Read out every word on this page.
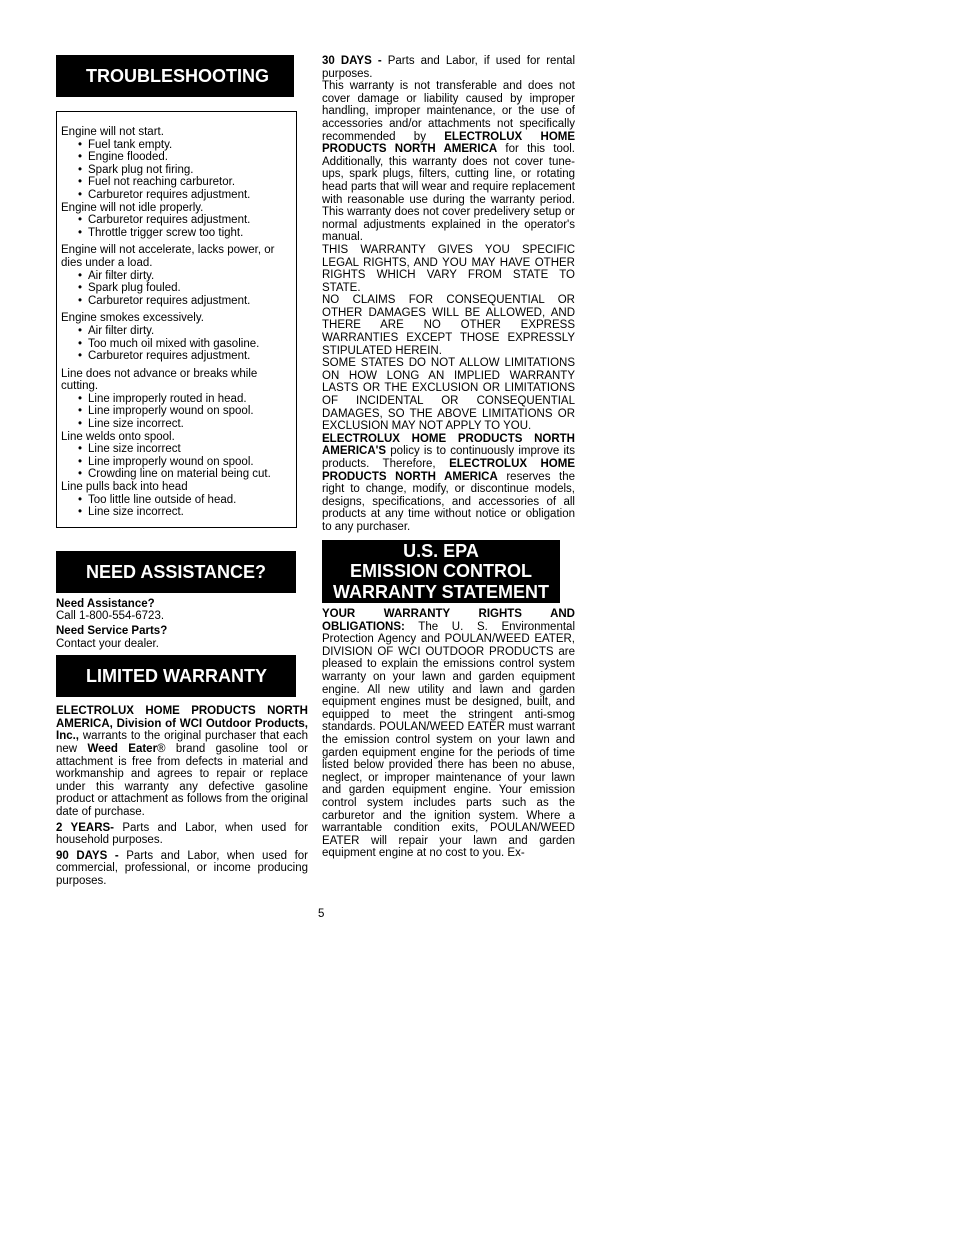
TROUBLESHOOTING

Engine will not start.

• Fuel tank empty.
• Engine flooded.
• Spark plug not firing.
• Fuel not reaching carburetor.
• Carburetor requires adjustment.

Engine will not idle properly.

• Carburetor requires adjustment.
• Throttle trigger screw too tight.

Engine will not accelerate, lacks power, or dies under a load.

• Air filter dirty.
• Spark plug fouled.
• Carburetor requires adjustment.

Engine smokes excessively.

• Air filter dirty.
• Too much oil mixed with gasoline.
• Carburetor requires adjustment.

Line does not advance or breaks while cutting.

• Line improperly routed in head.
• Line improperly wound on spool.
• Line size incorrect.

Line welds onto spool.

• Line size incorrect
• Line improperly wound on spool.
• Crowding line on material being cut.

Line pulls back into head

• Too little line outside of head.
• Line size incorrect.
NEED ASSISTANCE?

Need Assistance?

Call 1-800-554-6723.

Need Service Parts?

Contact your dealer.

LIMITED WARRANTY

ELECTROLUX HOME PRODUCTS NORTH AMERICA, Division of WCI Outdoor Products, Inc., warrants to the original purchaser that each new Weed Eater® brand gasoline tool or attachment is free from defects in material and workmanship and agrees to repair or replace under this warranty any defective gasoline product or attachment as follows from the original date of purchase.

2 YEARS- Parts and Labor, when used for household purposes.

90 DAYS - Parts and Labor, when used for commercial, professional, or income producing purposes.

30 DAYS - Parts and Labor, if used for rental purposes.

This warranty is not transferable and does not cover damage or liability caused by improper handling, improper maintenance, or the use of accessories and/or attachments not specifically recommended by ELECTROLUX HOME PRODUCTS NORTH AMERICA for this tool. Additionally, this warranty does not cover tune-ups, spark plugs, filters, cutting line, or rotating head parts that will wear and require replacement with reasonable use during the warranty period. This warranty does not cover predelivery setup or normal adjustments explained in the operator's manual.

THIS WARRANTY GIVES YOU SPECIFIC LEGAL RIGHTS, AND YOU MAY HAVE OTHER RIGHTS WHICH VARY FROM STATE TO STATE.

NO CLAIMS FOR CONSEQUENTIAL OR OTHER DAMAGES WILL BE ALLOWED, AND THERE ARE NO OTHER EXPRESS WARRANTIES EXCEPT THOSE EXPRESSLY STIPULATED HEREIN.

SOME STATES DO NOT ALLOW LIMITATIONS ON HOW LONG AN IMPLIED WARRANTY LASTS OR THE EXCLUSION OR LIMITATIONS OF INCIDENTAL OR CONSEQUENTIAL DAMAGES, SO THE ABOVE LIMITATIONS OR EXCLUSION MAY NOT APPLY TO YOU.

ELECTROLUX HOME PRODUCTS NORTH AMERICA'S policy is to continuously improve its products. Therefore, ELECTROLUX HOME PRODUCTS NORTH AMERICA reserves the right to change, modify, or discontinue models, designs, specifications, and accessories of all products at any time without notice or obligation to any purchaser.

U.S. EPA
EMISSION CONTROL
WARRANTY STATEMENT

YOUR WARRANTY RIGHTS AND OBLIGATIONS: The U. S. Environmental Protection Agency and POULAN/WEED EATER, DIVISION OF WCI OUTDOOR PRODUCTS are pleased to explain the emissions control system warranty on your lawn and garden equipment engine. All new utility and lawn and garden equipment engines must be designed, built, and equipped to meet the stringent anti-smog standards. POULAN/WEED EATER must warrant the emission control system on your lawn and garden equipment engine for the periods of time listed below provided there has been no abuse, neglect, or improper maintenance of your lawn and garden equipment engine. Your emission control system includes parts such as the carburetor and the ignition system. Where a warrantable condition exits, POULAN/WEED EATER will repair your lawn and garden equipment engine at no cost to you. Ex-

5
